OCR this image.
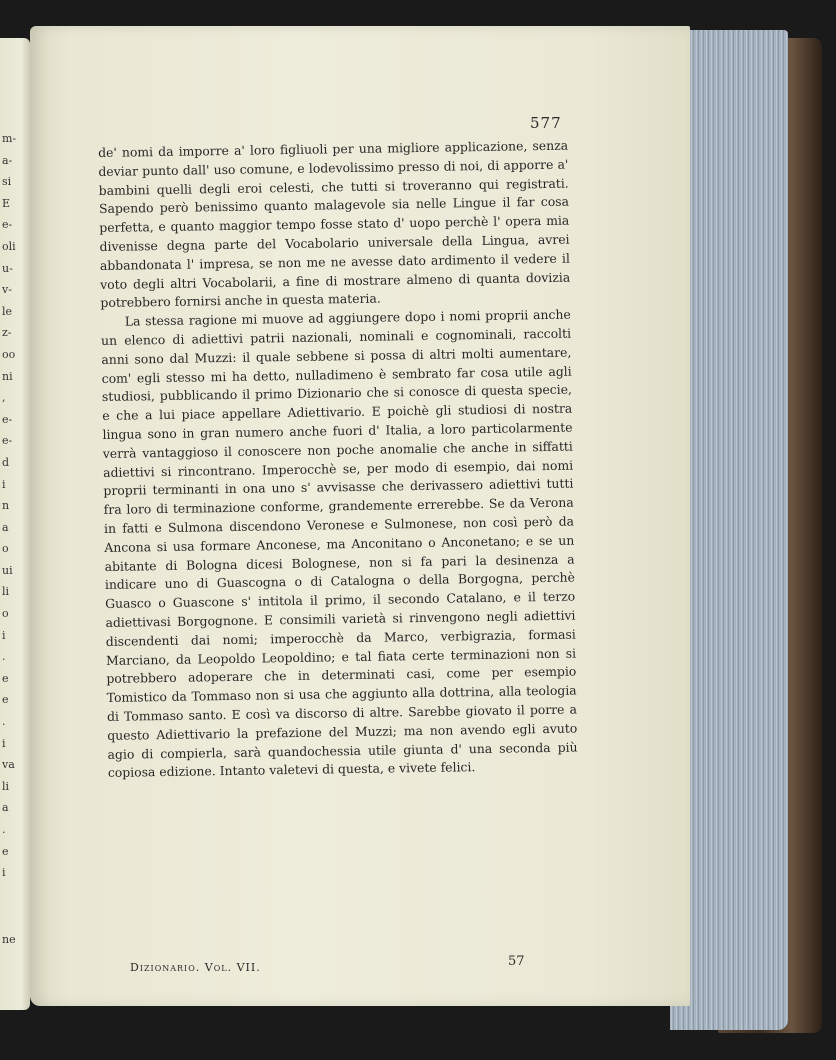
m-
a-
si
E
e-
oli
u-
v-
le
z-
oo
ni
,
e-
e-
d
i
n
a
o
ui
li
o
i
.
e
e
.
i
va
li
a
.
e
i
ne
577

de' nomi da imporre a' loro figliuoli per una migliore applicazione, senza deviar punto dall' uso comune, e lodevolissimo presso di noi, di apporre a' bambini quelli degli eroi celesti, che tutti si troveranno qui registrati. Sapendo però benissimo quanto malagevole sia nelle Lingue il far cosa perfetta, e quanto maggior tempo fosse stato d' uopo perchè l' opera mia divenisse degna parte del Vocabolario universale della Lingua, avrei abbandonata l' impresa, se non me ne avesse dato ardimento il vedere il voto degli altri Vocabolarii, a fine di mostrare almeno di quanta dovizia potrebbero fornirsi anche in questa materia.

La stessa ragione mi muove ad aggiungere dopo i nomi proprii anche un elenco di adiettivi patrii nazionali, nominali e cognominali, raccolti anni sono dal Muzzi: il quale sebbene si possa di altri molti aumentare, com' egli stesso mi ha detto, nulladimeno è sembrato far cosa utile agli studiosi, pubblicando il primo Dizionario che si conosce di questa specie, e che a lui piace appellare Adiettivario. E poichè gli studiosi di nostra lingua sono in gran numero anche fuori d' Italia, a loro particolarmente verrà vantaggioso il conoscere non poche anomalie che anche in siffatti adiettivi si rincontrano. Imperocchè se, per modo di esempio, dai nomi proprii terminanti in ona uno s' avvisasse che derivassero adiettivi tutti fra loro di terminazione conforme, grandemente errerebbe. Se da Verona in fatti e Sulmona discendono Veronese e Sulmonese, non così però da Ancona si usa formare Anconese, ma Anconitano o Anconetano; e se un abitante di Bologna dicesi Bolognese, non si fa pari la desinenza a indicare uno di Guascogna o di Catalogna o della Borgogna, perchè Guasco o Guascone s' intitola il primo, il secondo Catalano, e il terzo adiettivasi Borgognone. E consimili varietà si rinvengono negli adiettivi discendenti dai nomi; imperocchè da Marco, verbigrazia, formasi Marciano, da Leopoldo Leopoldino; e tal fiata certe terminazioni non si potrebbero adoperare che in determinati casi, come per esempio Tomistico da Tommaso non si usa che aggiunto alla dottrina, alla teologia di Tommaso santo. E così va discorso di altre. Sarebbe giovato il porre a questo Adiettivario la prefazione del Muzzi; ma non avendo egli avuto agio di compierla, sarà quandochessia utile giunta d' una seconda più copiosa edizione. Intanto valetevi di questa, e vivete felici.

Dizionario. Vol. VII.	57
